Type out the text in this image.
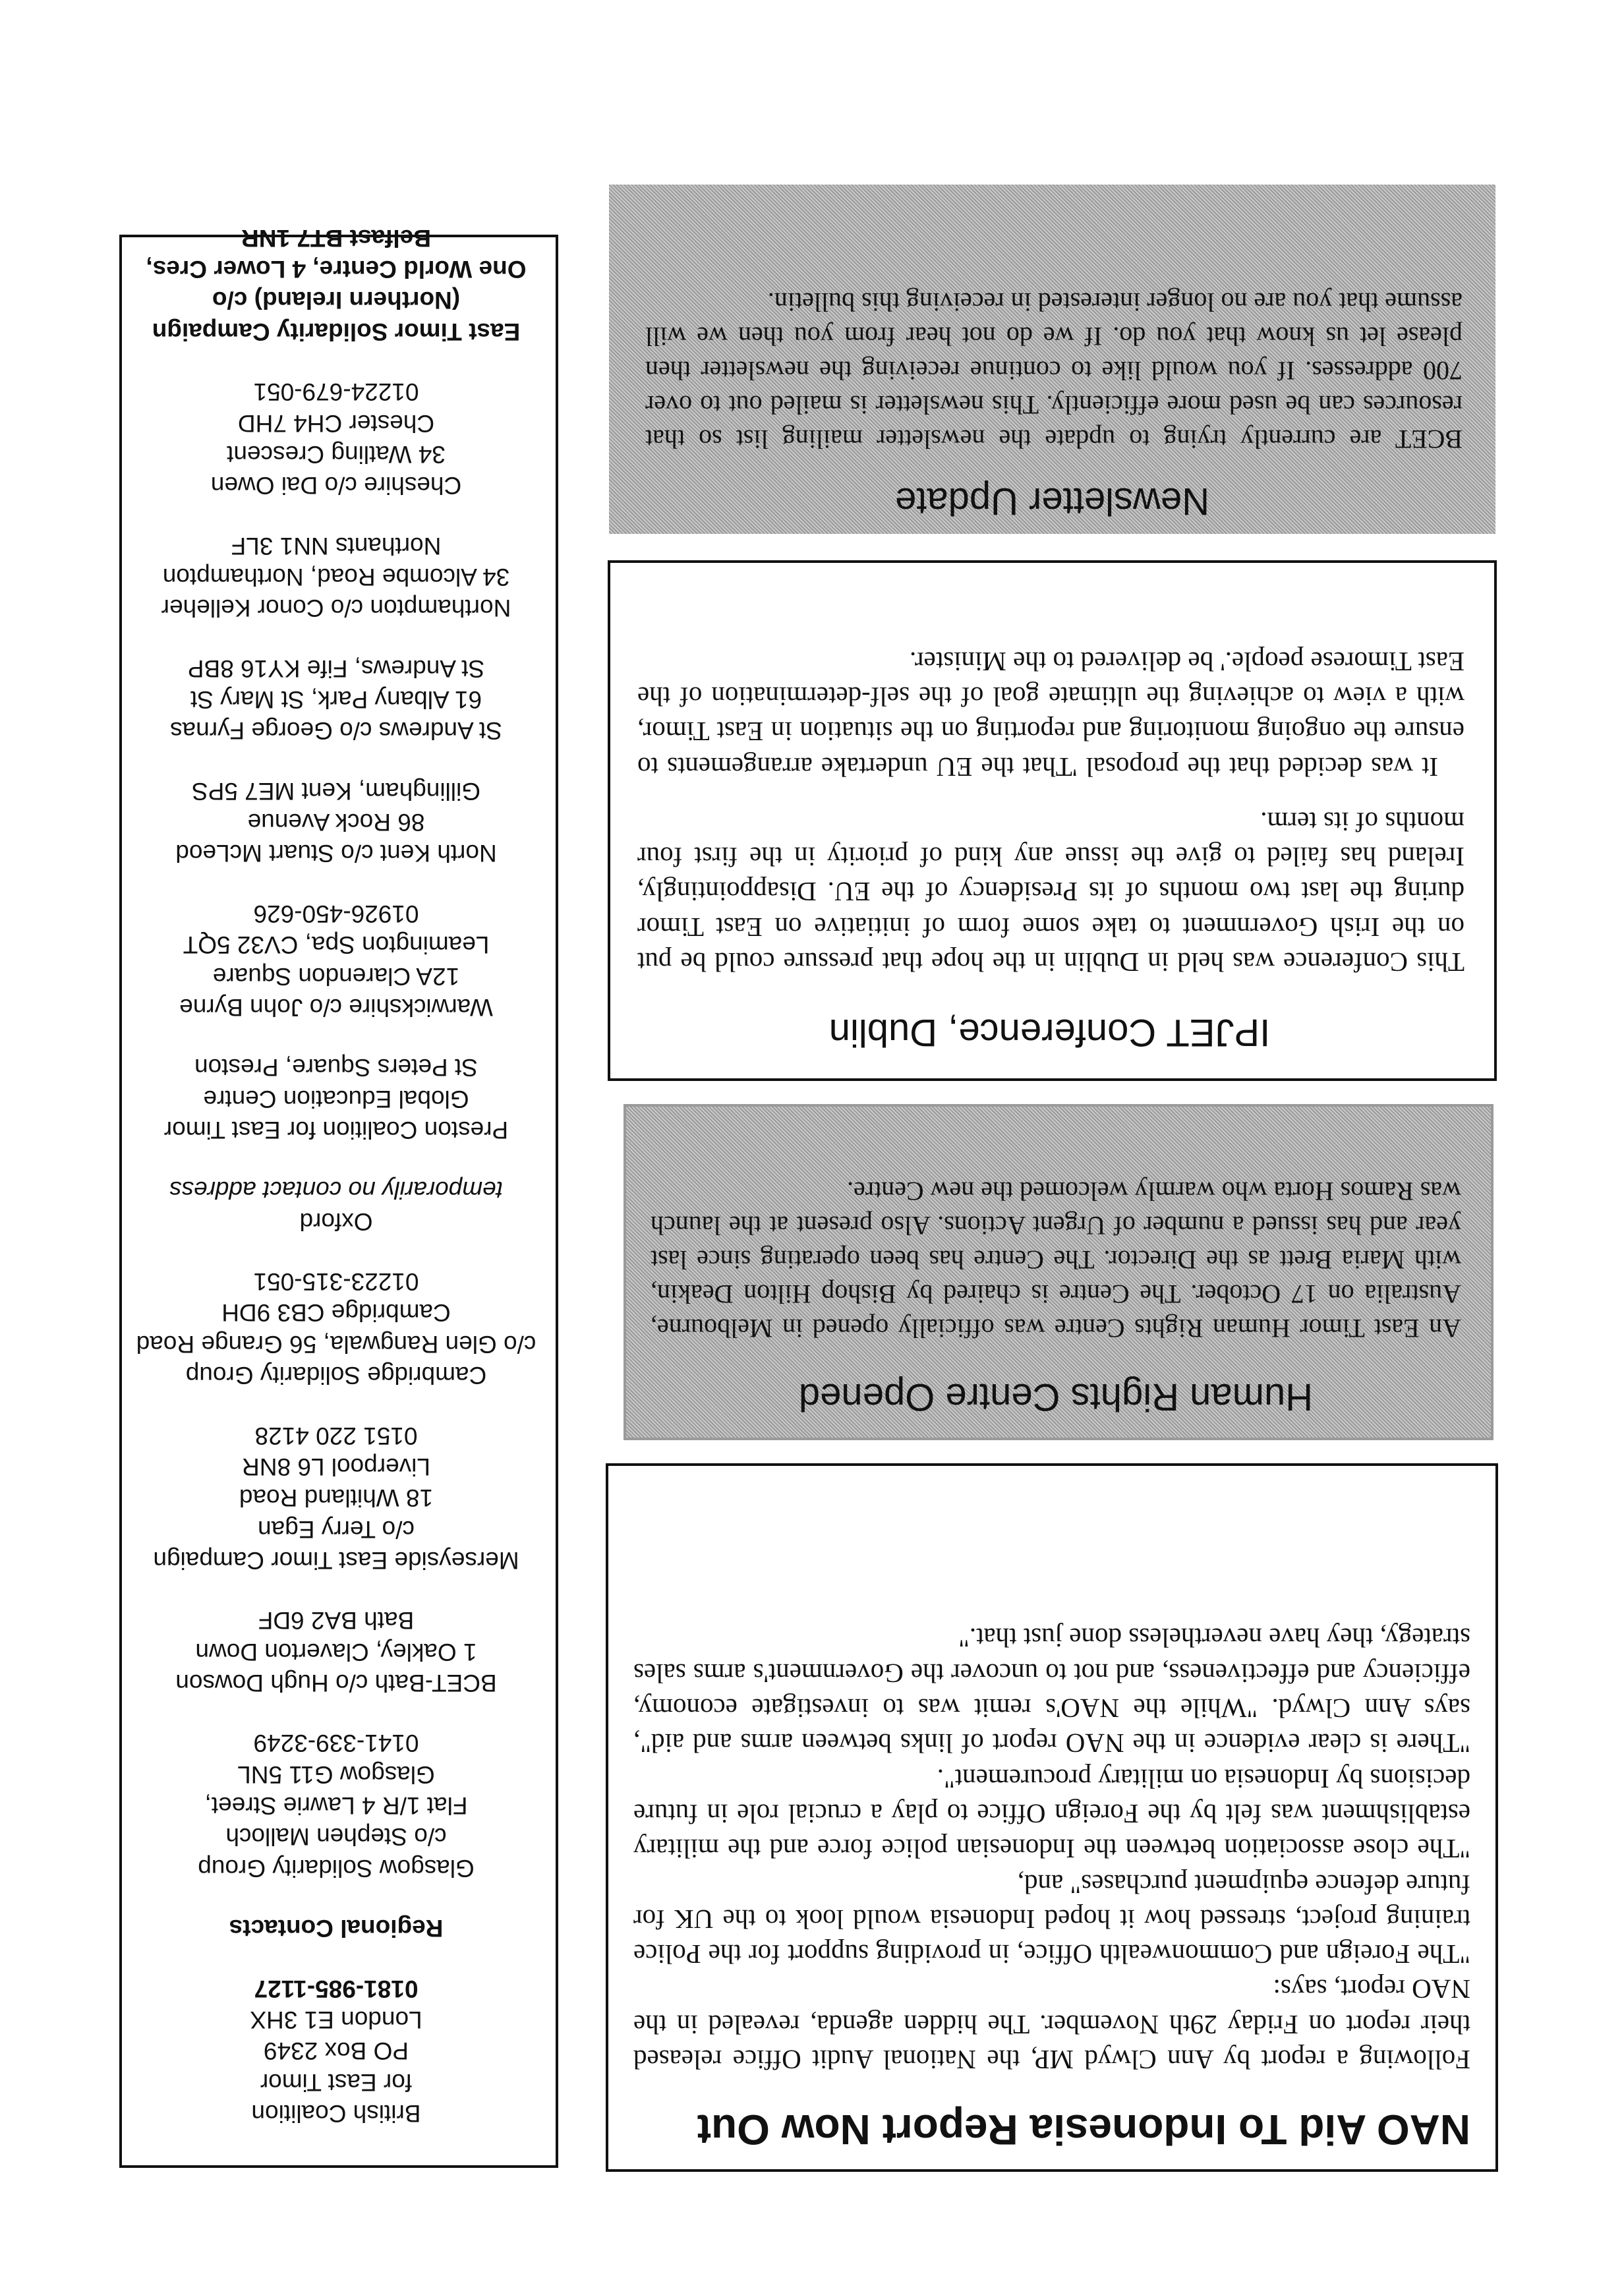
NAO Aid To Indonesia Report Now Out

Following a report by Ann Clwyd MP, the National Audit Office released their report on Friday 29th November. The hidden agenda, revealed in the NAO report, says:

"The Foreign and Commonwealth Office, in providing support for the Police training project, stressed how it hoped Indonesia would look to the UK for future defence equipment purchases" and,

"The close association between the Indonesian police force and the military establishment was felt by the Foreign Office to play a crucial role in future decisions by Indonesia on military procurement".

"There is clear evidence in the NAO report of links between arms and aid", says Ann Clwyd. "While the NAO's remit was to investigate economy, efficiency and effectiveness, and not to uncover the Government's arms sales strategy, they have nevertheless done just that."

Human Rights Centre Opened

An East Timor Human Rights Centre was officially opened in Melbourne, Australia on 17 October. The Centre is chaired by Bishop Hilton Deakin, with Maria Brett as the Director. The Centre has been operating since last year and has issued a number of Urgent Actions. Also present at the launch was Ramos Horta who warmly welcomed the new Centre.

IPJET Conference, Dublin

This Conference was held in Dublin in the hope that pressure could be put on the Irish Government to take some form of initiative on East Timor during the last two months of its Presidency of the EU. Disappointingly, Ireland has failed to give the issue any kind of priority in the first four months of its term.

It was decided that the proposal 'That the EU undertake arrangements to ensure the ongoing monitoring and reporting on the situation in East Timor, with a view to achieving the ultimate goal of the self-determination of the East Timorese people.' be delivered to the Minister.

Newsletter Update

BCET are currently trying to update the newsletter mailing list so that resources can be used more efficiently. This newsletter is mailed out to over 700 addresses. If you would like to continue receiving the newsletter then please let us know that you do. If we do not hear from you then we will assume that you are no longer interested in receiving this bulletin.

British Coalition
for East Timor
PO Box 2349
London E1 3HX
0181-985-1127
Regional Contacts
Glasgow Solidarity Group
c/o Stephen Malloch
Flat 1/R 4 Lawrie Street,
Glasgow G11 5NL
0141-339-3249
BCET-Bath c/o Hugh Dowson
1 Oakley, Claverton Down
Bath BA2 6DF
Merseyside East Timor Campaign
c/o Terry Egan
18 Whitland Road
Liverpool L6 8NR
0151 220 4128
Cambridge Solidarity Group
c/o Glen Rangwala, 56 Grange Road
Cambridge CB3 9DH
01223-315-051
Oxford
temporarily no contact address
Preston Coalition for East Timor
Global Education Centre
St Peters Square, Preston
Warwickshire c/o John Byrne
12A Clarendon Square
Leamington Spa, CV32 5QT
01926-450-626
North Kent c/o Stuart McLeod
86 Rock Avenue
Gillingham, Kent ME7 5PS
St Andrews c/o George Fyrnas
61 Albany Park, St Mary St
St Andrews, Fife KY16 8BP
Northampton c/o Conor Kelleher
34 Alcombe Road, Northampton
Northants NN1 3LF
Cheshire c/o Dai Owen
34 Watling Crescent
Chester CH4 7HD
01224-679-051
East Timor Solidarity Campaign
(Northern Ireland) c/o
One World Centre, 4 Lower Cres,
Belfast BT7 1NR
